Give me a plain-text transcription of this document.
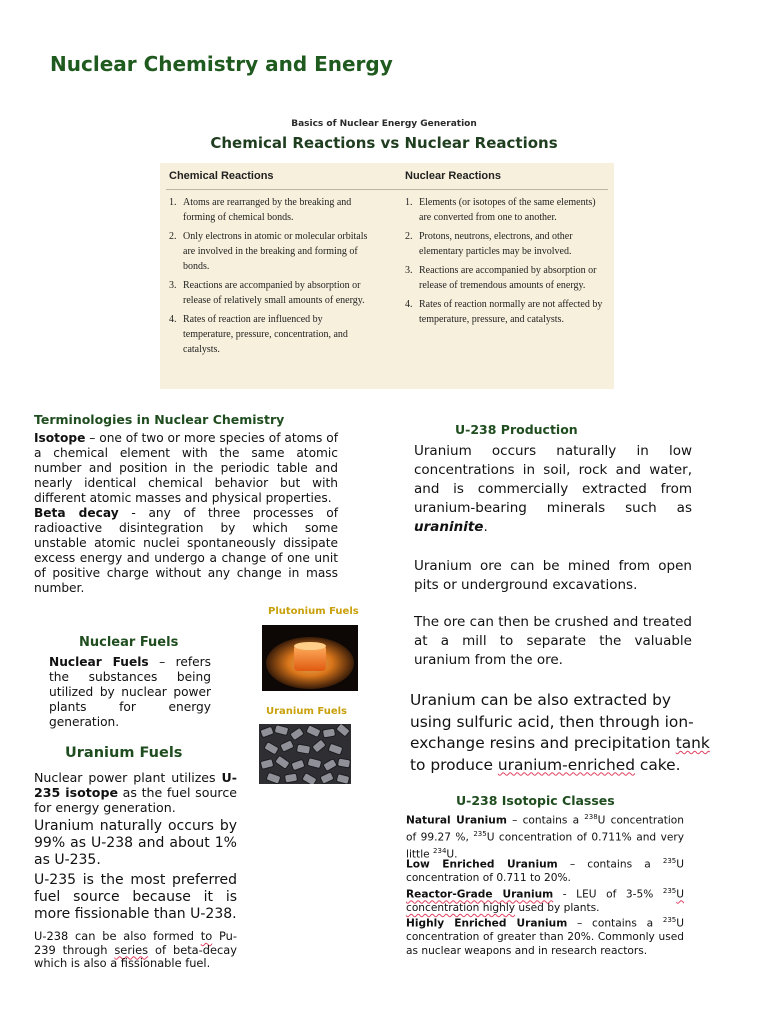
Nuclear Chemistry and Energy
Basics of Nuclear Energy Generation
Chemical Reactions vs Nuclear Reactions
Chemical Reactions	Nuclear Reactions
1. Atoms are rearranged by the breaking and forming of chemical bonds.
2. Only electrons in atomic or molecular orbitals are involved in the breaking and forming of bonds.
3. Reactions are accompanied by absorption or release of relatively small amounts of energy.
4. Rates of reaction are influenced by temperature, pressure, concentration, and catalysts.
1. Elements (or isotopes of the same elements) are converted from one to another.
2. Protons, neutrons, electrons, and other elementary particles may be involved.
3. Reactions are accompanied by absorption or release of tremendous amounts of energy.
4. Rates of reaction normally are not affected by temperature, pressure, and catalysts.
Terminologies in Nuclear Chemistry
Isotope – one of two or more species of atoms of a chemical element with the same atomic number and position in the periodic table and nearly identical chemical behavior but with different atomic masses and physical properties.
Beta decay - any of three processes of radioactive disintegration by which some unstable atomic nuclei spontaneously dissipate excess energy and undergo a change of one unit of positive charge without any change in mass number.
Nuclear Fuels
Nuclear Fuels – refers the substances being utilized by nuclear power plants for energy generation.
Plutonium Fuels
Uranium Fuels
Uranium Fuels
Nuclear power plant utilizes U-235 isotope as the fuel source for energy generation.
Uranium naturally occurs by 99% as U-238 and about 1% as U-235.
U-235 is the most preferred fuel source because it is more fissionable than U-238.
U-238 can be also formed to Pu-239 through series of beta-decay which is also a fissionable fuel.
U-238 Production
Uranium occurs naturally in low concentrations in soil, rock and water, and is commercially extracted from uranium-bearing minerals such as uraninite.
Uranium ore can be mined from open pits or underground excavations.
The ore can then be crushed and treated at a mill to separate the valuable uranium from the ore.
Uranium can be also extracted by using sulfuric acid, then through ion-exchange resins and precipitation tank to produce uranium-enriched cake.
U-238 Isotopic Classes
Natural Uranium – contains a $^{238}$U concentration of 99.27 %, $^{235}$U concentration of 0.711% and very little $^{234}$U.
Low Enriched Uranium – contains a $^{235}$U concentration of 0.711 to 20%.
Reactor-Grade Uranium - LEU of 3-5% $^{235}$U concentration highly used by plants.
Highly Enriched Uranium – contains a $^{235}$U concentration of greater than 20%. Commonly used as nuclear weapons and in research reactors.
